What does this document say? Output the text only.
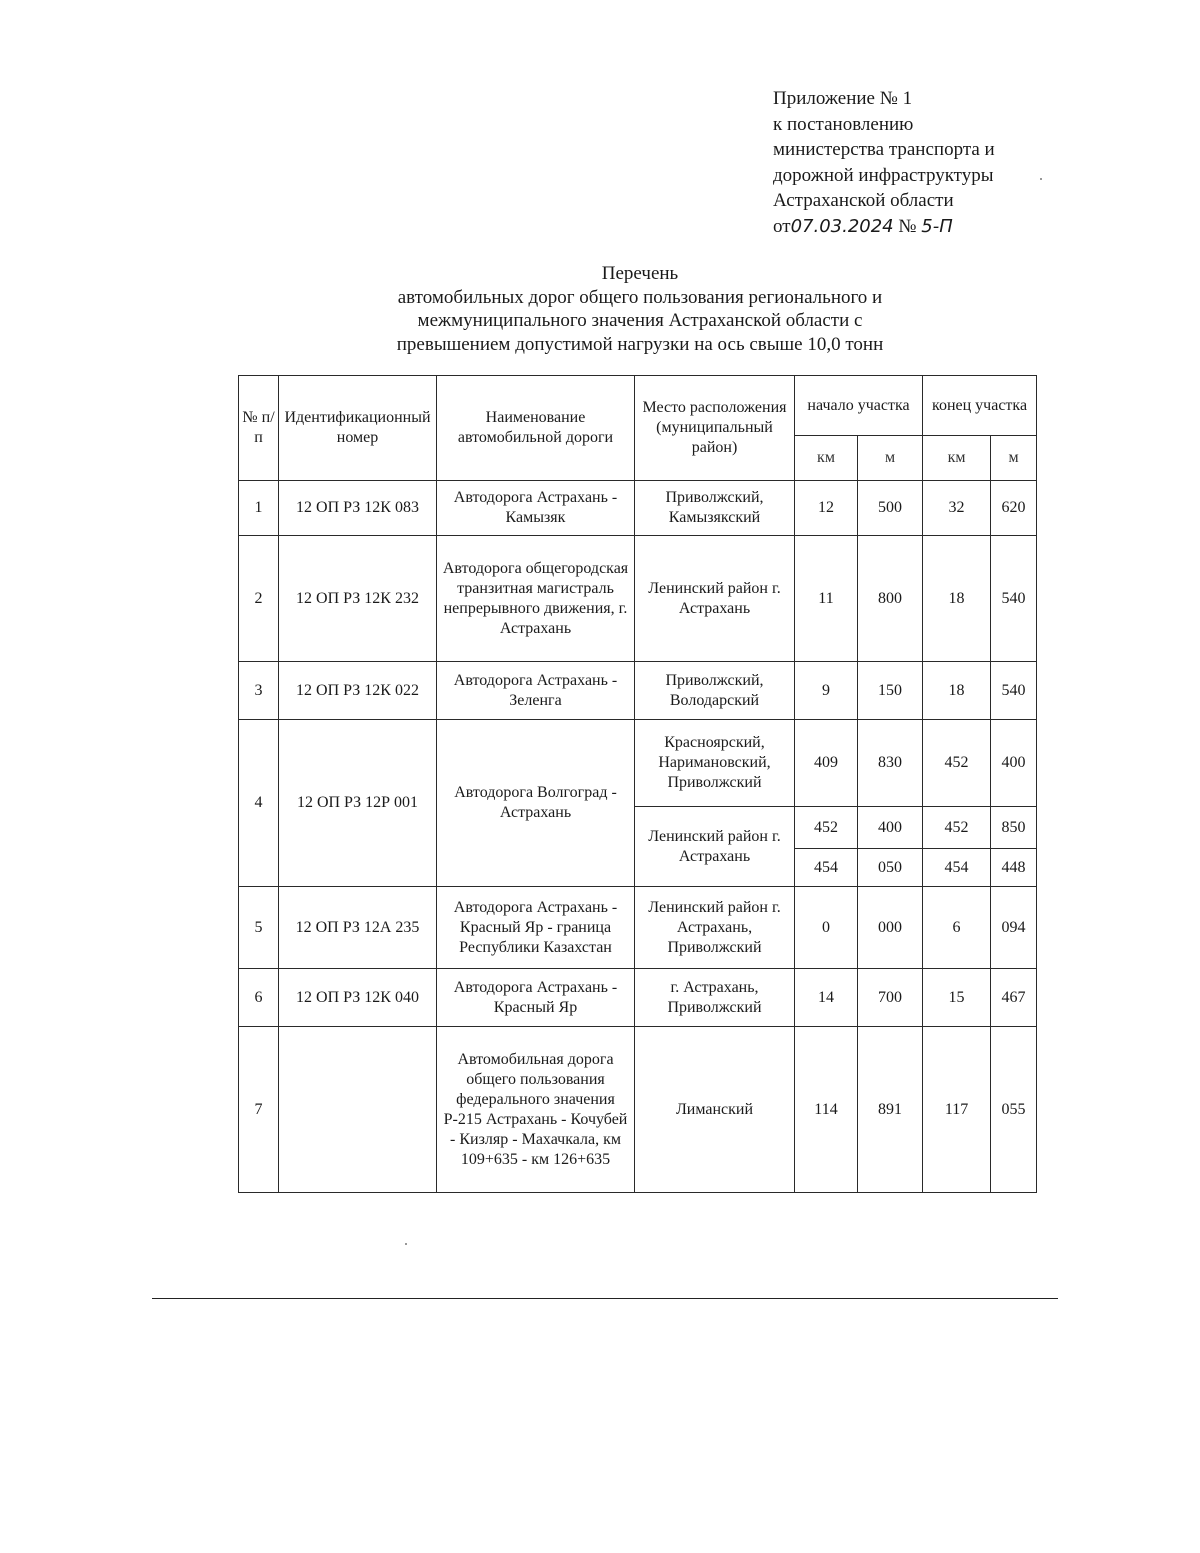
Приложение № 1
к постановлению
министерства транспорта и
дорожной инфраструктуры
Астраханской области
от07.03.2024 № 5-П
Перечень
автомобильных дорог общего пользования регионального и
межмуниципального значения Астраханской области с
превышением допустимой нагрузки на ось свыше 10,0 тонн
№ п/п	Идентификационный номер	Наименование автомобильной дороги	Место расположения (муниципальный район)	начало участка		конец участка	
				км	м	км	м
1	12 ОП РЗ 12К 083	Автодорога Астрахань - Камызяк	Приволжский, Камызякский	12	500	32	620
2	12 ОП РЗ 12К 232	Автодорога общегородская транзитная магистраль непрерывного движения, г. Астрахань	Ленинский район г. Астрахань	11	800	18	540
3	12 ОП РЗ 12К 022	Автодорога Астрахань - Зеленга	Приволжский, Володарский	9	150	18	540
4	12 ОП РЗ 12Р 001	Автодорога Волгоград - Астрахань	Красноярский, Наримановский, Приволжский	409	830	452	400
			Ленинский район г. Астрахань	452	400	452	850
				454	050	454	448
5	12 ОП РЗ 12А 235	Автодорога Астрахань - Красный Яр - граница Республики Казахстан	Ленинский район г. Астрахань, Приволжский	0	000	6	094
6	12 ОП РЗ 12К 040	Автодорога Астрахань - Красный Яр	г. Астрахань, Приволжский	14	700	15	467
7		Автомобильная дорога общего пользования федерального значения Р-215 Астрахань - Кочубей - Кизляр - Махачкала, км 109+635 - км 126+635	Лиманский	114	891	117	055
